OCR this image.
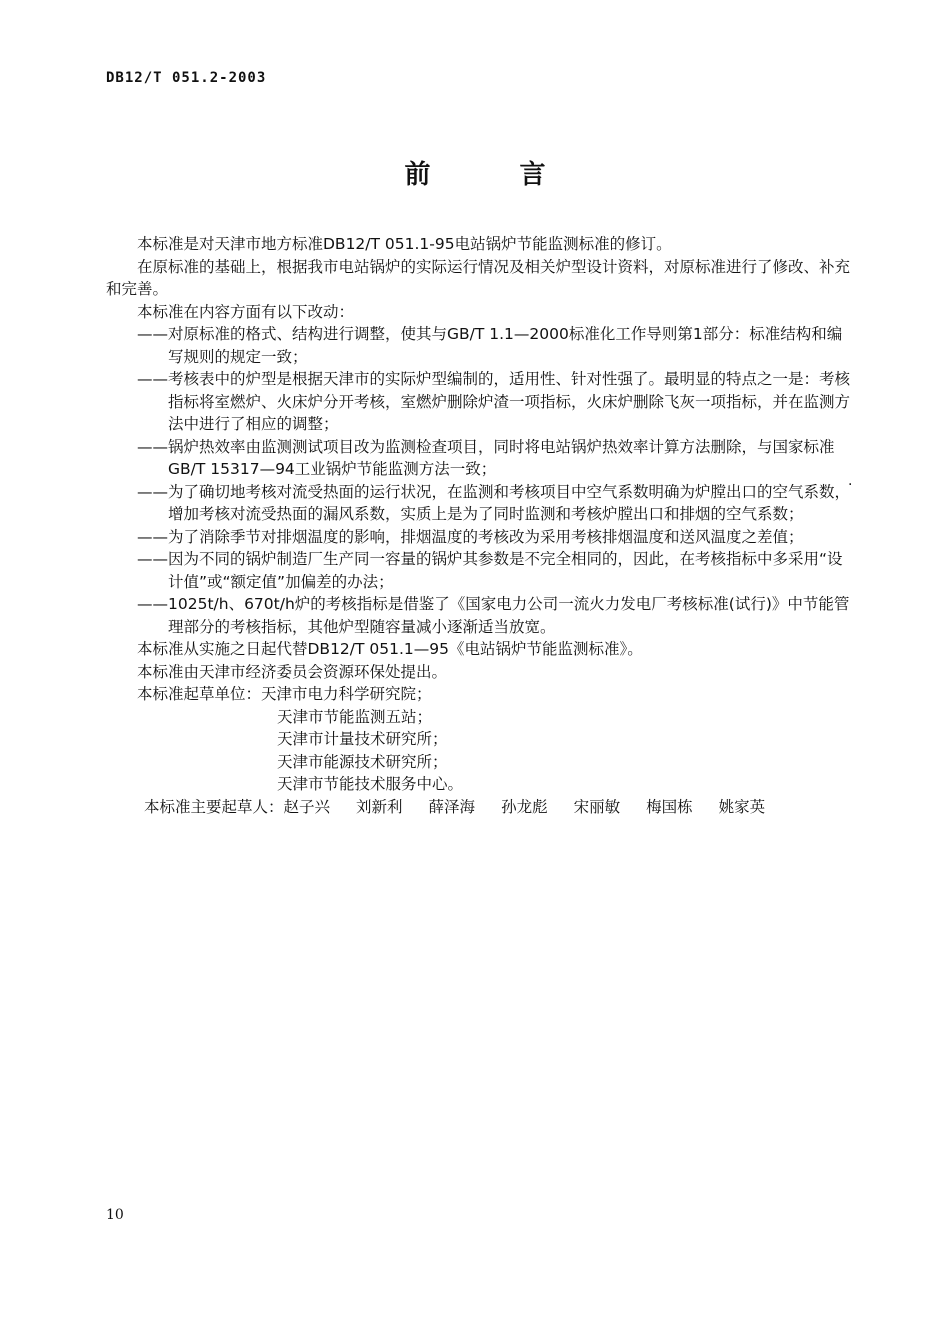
DB12/T 051.2-2003
前 言

本标准是对天津市地方标准DB12/T 051.1-95电站锅炉节能监测标准的修订。

在原标准的基础上，根据我市电站锅炉的实际运行情况及相关炉型设计资料，对原标准进行了修改、补充和完善。

本标准在内容方面有以下改动：

——对原标准的格式、结构进行调整，使其与GB/T 1.1—2000标准化工作导则第1部分：标准结构和编写规则的规定一致；

——考核表中的炉型是根据天津市的实际炉型编制的，适用性、针对性强了。最明显的特点之一是：考核指标将室燃炉、火床炉分开考核，室燃炉删除炉渣一项指标，火床炉删除飞灰一项指标，并在监测方法中进行了相应的调整；

——锅炉热效率由监测测试项目改为监测检查项目，同时将电站锅炉热效率计算方法删除，与国家标准GB/T 15317—94工业锅炉节能监测方法一致；

——为了确切地考核对流受热面的运行状况，在监测和考核项目中空气系数明确为炉膛出口的空气系数，增加考核对流受热面的漏风系数，实质上是为了同时监测和考核炉膛出口和排烟的空气系数；

——为了消除季节对排烟温度的影响，排烟温度的考核改为采用考核排烟温度和送风温度之差值；

——因为不同的锅炉制造厂生产同一容量的锅炉其参数是不完全相同的，因此，在考核指标中多采用“设计值”或“额定值”加偏差的办法；

——1025t/h、670t/h炉的考核指标是借鉴了《国家电力公司一流火力发电厂考核标准(试行)》中节能管理部分的考核指标，其他炉型随容量减小逐渐适当放宽。

本标准从实施之日起代替DB12/T 051.1—95《电站锅炉节能监测标准》。

本标准由天津市经济委员会资源环保处提出。

本标准起草单位：天津市电力科学研究院；

天津市节能监测五站；

天津市计量技术研究所；

天津市能源技术研究所；

天津市节能技术服务中心。

本标准主要起草人：赵子兴 刘新利 薛泽海 孙龙彪 宋丽敏 梅国栋 姚家英

.
10
